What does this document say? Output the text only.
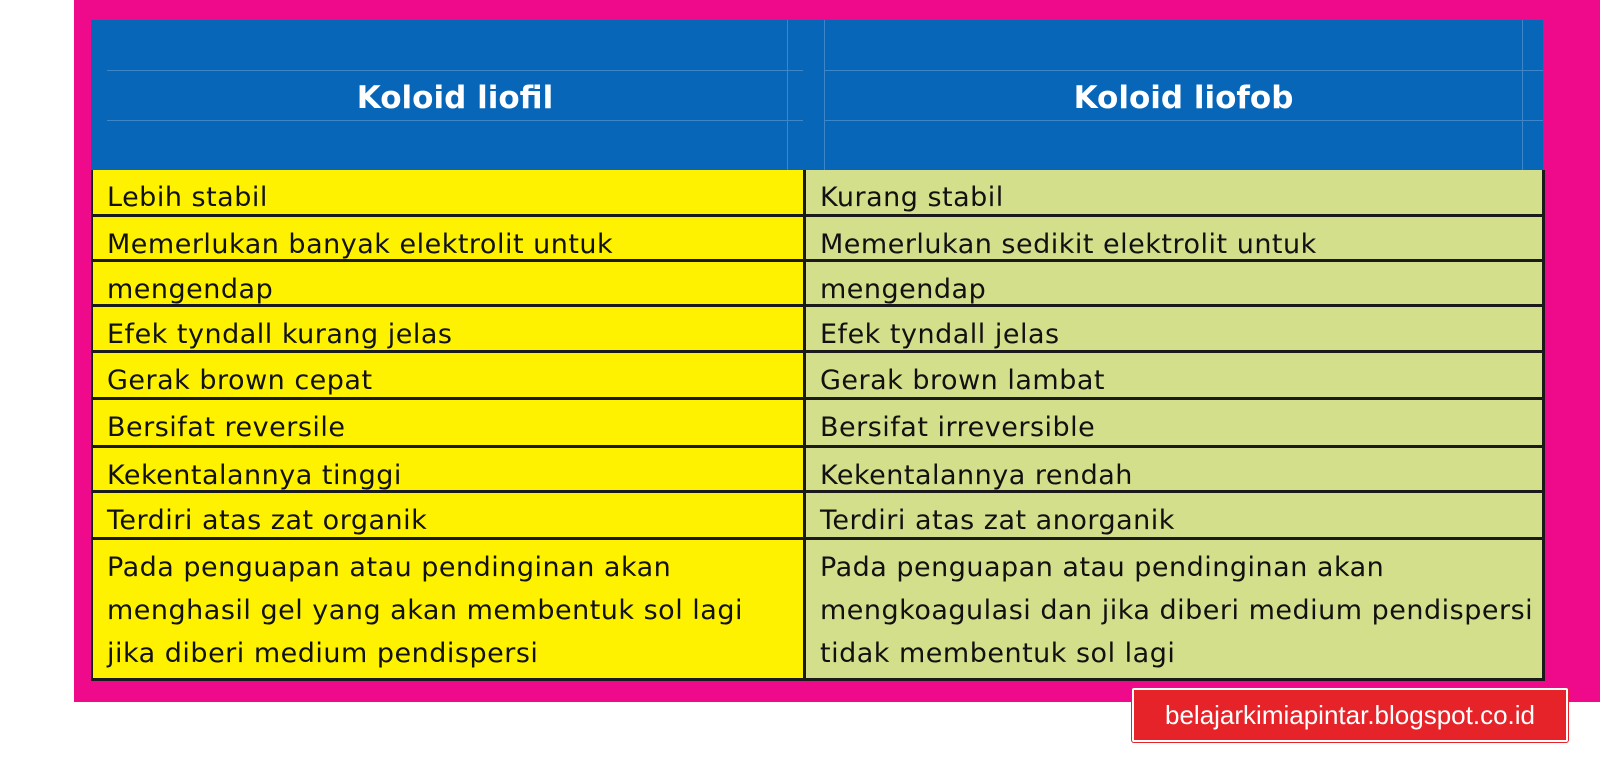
Koloid liofil	Koloid liofob
Lebih stabil
Memerlukan banyak elektrolit untuk
mengendap
Efek tyndall kurang jelas
Gerak brown cepat
Bersifat reversile
Kekentalannya tinggi
Terdiri atas zat organik
Pada penguapan atau pendinginan akan menghasil gel yang akan membentuk sol lagi jika diberi medium pendispersi
Kurang stabil
Memerlukan sedikit elektrolit untuk
mengendap
Efek tyndall jelas
Gerak brown lambat
Bersifat irreversible
Kekentalannya rendah
Terdiri atas zat anorganik
Pada penguapan atau pendinginan akan mengkoagulasi dan jika diberi medium pendispersi tidak membentuk sol lagi
belajarkimiapintar.blogspot.co.id
